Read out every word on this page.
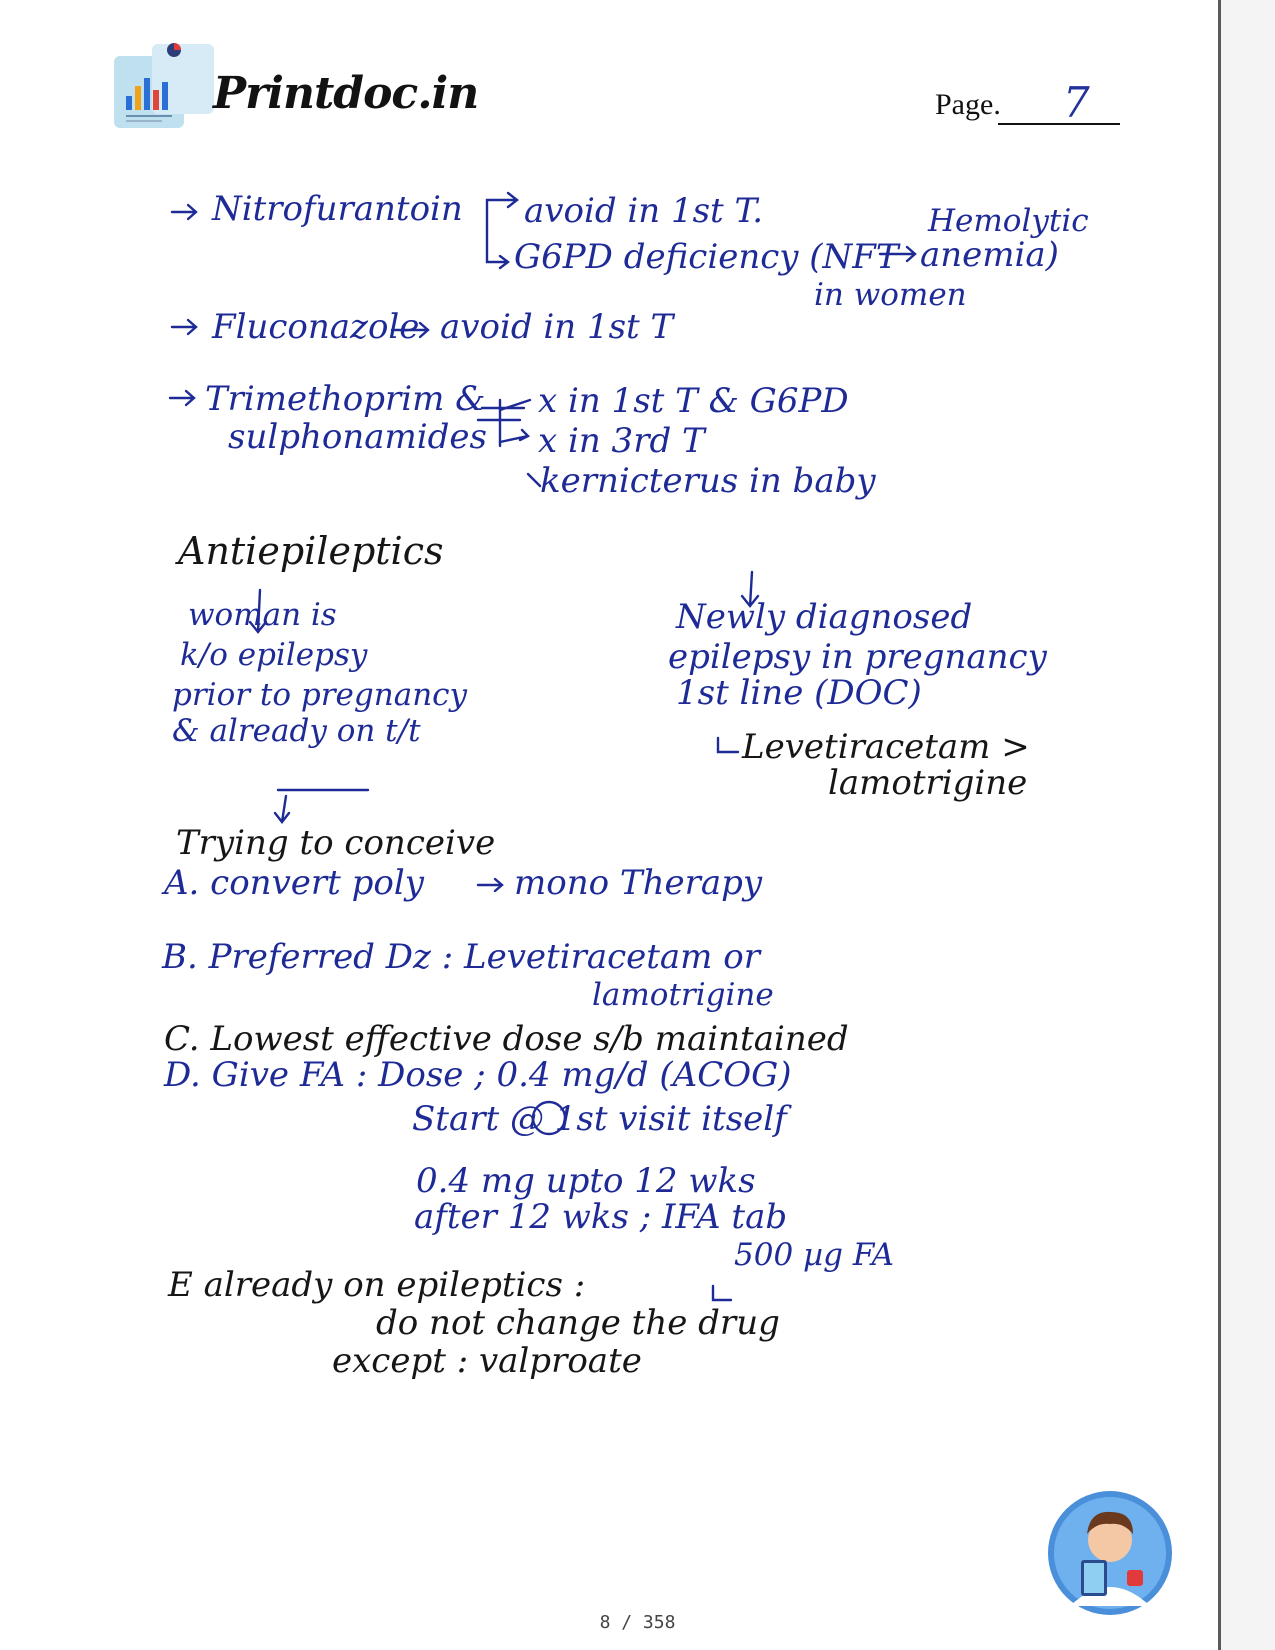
Printdoc.in	Page. 7
Nitrofurantoin avoid in 1st T.
G6PD deficiency (NFT anemia)
Hemolytic
in women
Fluconazole avoid in 1st T
Trimethoprim &
sulphonamides
x in 1st T & G6PD
x in 3rd T
kernicterus in baby
Antiepileptics
woman is
k/o epilepsy
prior to pregnancy
& already on t/t
Newly diagnosed
epilepsy in pregnancy
1st line (DOC)
Levetiracetam >
lamotrigine
Trying to conceive
A. convert poly	mono Therapy
B. Preferred Dz : Levetiracetam or
lamotrigine
C. Lowest effective dose s/b maintained
D. Give FA : Dose ; 0.4 mg/d (ACOG)
Start @ 1st visit itself
0.4 mg upto 12 wks
after 12 wks ; IFA tab
500 µg FA
E already on epileptics :
do not change the drug
except : valproate
8 / 358
